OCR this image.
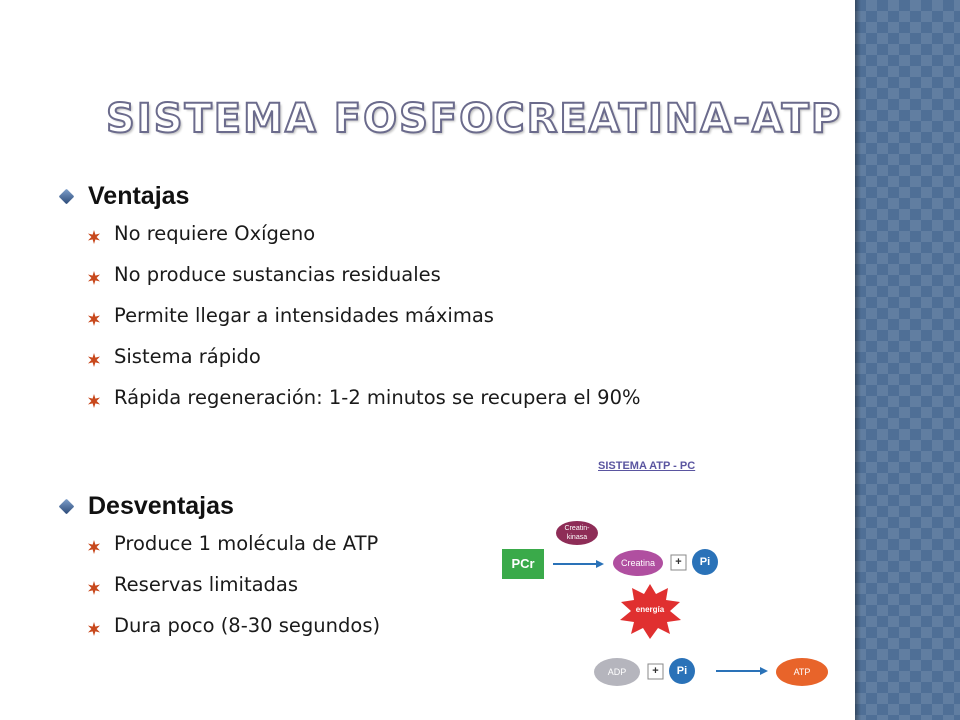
SISTEMA FOSFOCREATINA-ATP
Ventajas
No requiere Oxígeno
No produce sustancias residuales
Permite llegar a intensidades máximas
Sistema rápido
Rápida regeneración: 1-2 minutos se recupera el 90%
Desventajas
Produce 1 molécula de ATP
Reservas limitadas
Dura poco (8-30 segundos)
SISTEMA ATP - PC
PCr
Creatin-
kinasa
Creatina	+	Pi
energía
ADP	+	Pi	ATP
